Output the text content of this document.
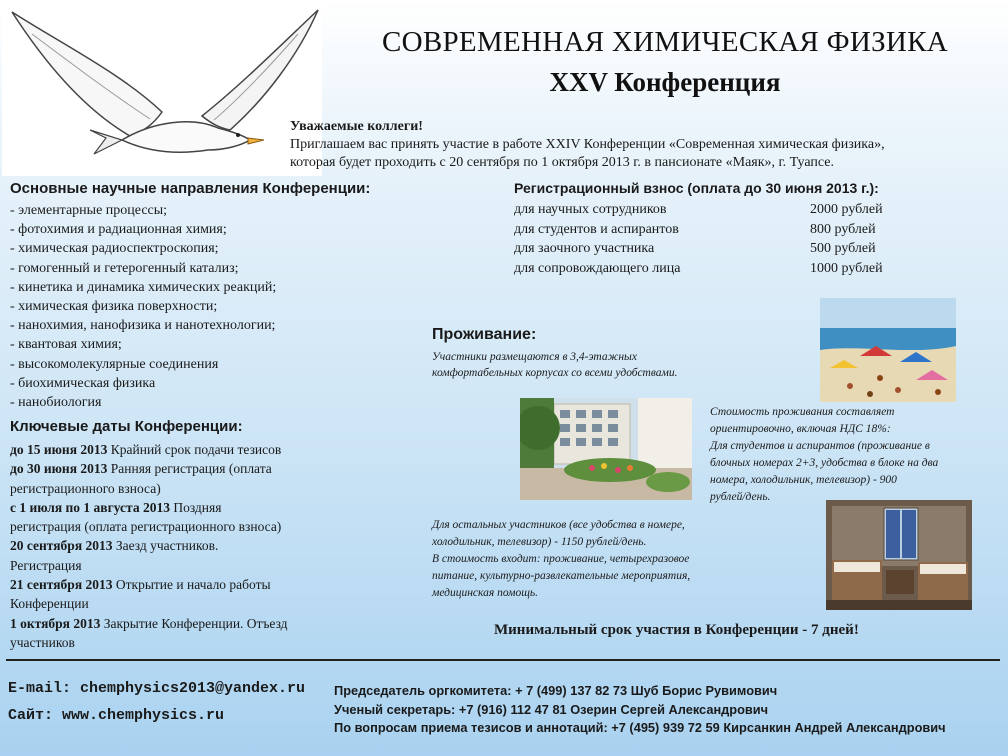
СОВРЕМЕННАЯ ХИМИЧЕСКАЯ ФИЗИКА
XXV Конференция
Уважаемые коллеги!
Приглашаем вас принять участие в работе XXIV Конференции «Современная химическая физика»,
которая будет проходить с 20 сентября по 1 октября 2013 г. в пансионате «Маяк», г. Туапсе.
Основные научные направления Конференции:
- элементарные процессы;
- фотохимия и радиационная химия;
- химическая радиоспектроскопия;
- гомогенный и гетерогенный катализ;
- кинетика и динамика химических реакций;
- химическая физика поверхности;
- нанохимия, нанофизика и нанотехнологии;
- квантовая химия;
- высокомолекулярные соединения
- биохимическая физика
- нанобиология
Регистрационный взнос (оплата до 30 июня 2013 г.):
для научных сотрудников	2000 рублей
для студентов и аспирантов	800 рублей
для заочного участника	500 рублей
для сопровождающего лица	1000 рублей
Проживание:
Участники размещаются в 3,4-этажных
комфортабельных корпусах со всеми удобствами.
Ключевые даты Конференции:
до 15 июня 2013 Крайний срок подачи тезисов
до 30 июня 2013 Ранняя регистрация (оплата
регистрационного взноса)
с 1 июля по 1 августа 2013 Поздняя
регистрация (оплата регистрационного взноса)
20 сентября 2013 Заезд участников.
Регистрация
21 сентября 2013 Открытие и начало работы
Конференции
1 октября 2013 Закрытие Конференции. Отъезд
участников
Стоимость проживания составляет
ориентировочно, включая НДС 18%:
Для студентов и аспирантов (проживание в
блочных номерах 2+3, удобства в блоке на два
номера, холодильник, телевизор) - 900
рублей/день.
Для остальных участников (все удобства в номере,
холодильник, телевизор) - 1150 рублей/день.
В стоимость входит: проживание, четырехразовое
питание, культурно-развлекательные мероприятия,
медицинская помощь.
Минимальный срок участия в Конференции - 7 дней!
E-mail: chemphysics2013@yandex.ru
Сайт: www.chemphysics.ru
Председатель оргкомитета: + 7 (499) 137 82 73 Шуб Борис Рувимович
Ученый секретарь: +7 (916) 112 47 81 Озерин Сергей Александрович
По вопросам приема тезисов и аннотаций: +7 (495) 939 72 59 Кирсанкин Андрей Александрович
